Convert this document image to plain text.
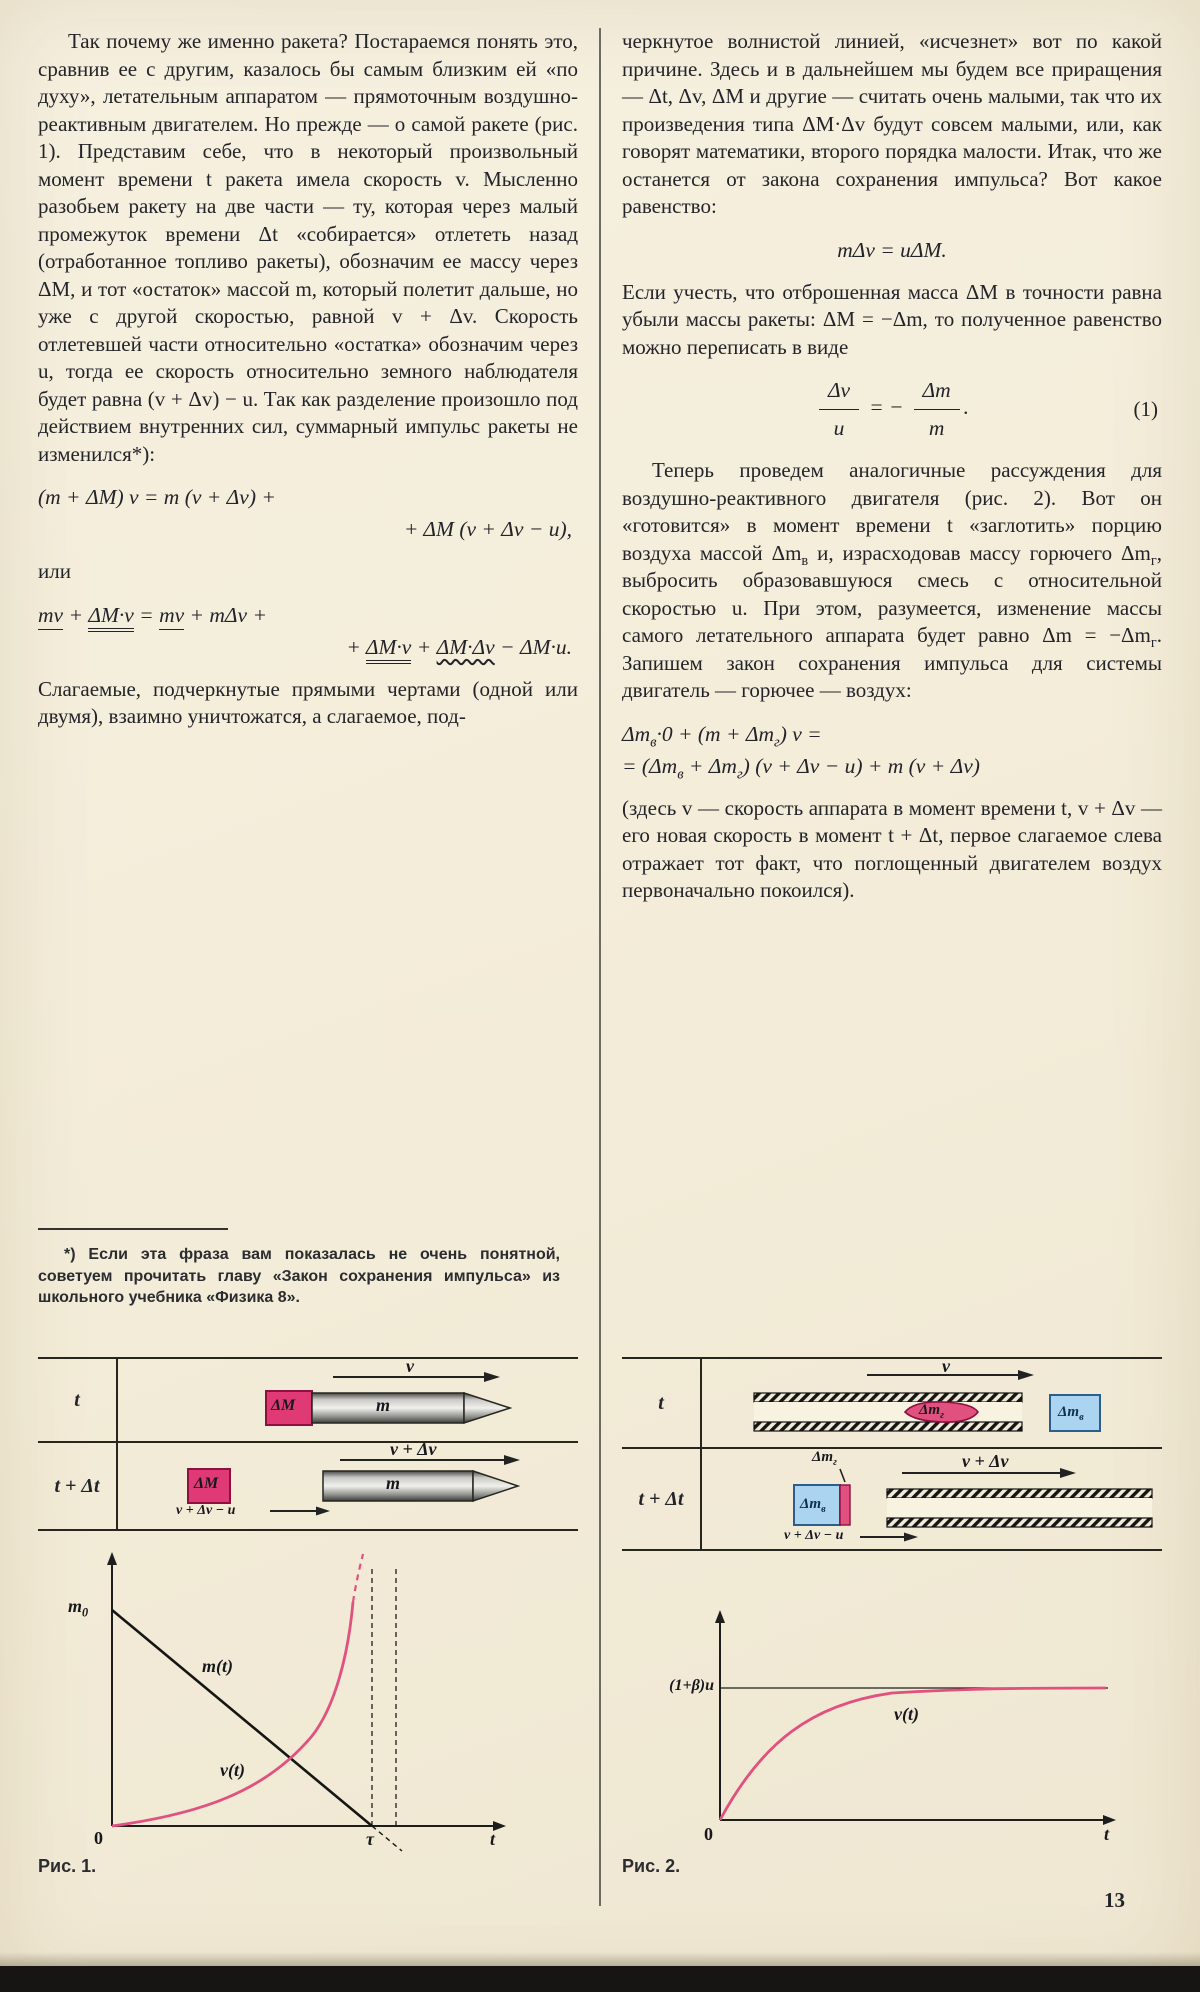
Так почему же именно ракета? Постараемся понять это, сравнив ее с другим, казалось бы самым близким ей «по духу», летательным аппаратом — прямоточным воздушно-реактивным двигателем. Но прежде — о самой ракете (рис. 1). Представим себе, что в некоторый произвольный момент времени t ракета имела скорость v. Мысленно разобьем ракету на две части — ту, которая через малый промежуток времени Δt «собирается» отлететь назад (отработанное топливо ракеты), обозначим ее массу через ΔM, и тот «остаток» массой m, который полетит дальше, но уже с другой скоростью, равной v + Δv. Скорость отлетевшей части относительно «остатка» обозначим через u, тогда ее скорость относительно земного наблюдателя будет равна (v + Δv) − u. Так как разделение произошло под действием внутренних сил, суммарный импульс ракеты не изменился*):

(m + ΔM) v = m (v + Δv) +
+ ΔM (v + Δv − u),

или

mv + ΔM·v = mv + mΔv +
+ ΔM·v + ΔM·Δv − ΔM·u.

Слагаемые, подчеркнутые прямыми чертами (одной или двумя), взаимно уничтожатся, а слагаемое, под-

черкнутое волнистой линией, «исчезнет» вот по какой причине. Здесь и в дальнейшем мы будем все приращения — Δt, Δv, ΔM и другие — считать очень малыми, так что их произведения типа ΔM·Δv будут совсем малыми, или, как говорят математики, второго порядка малости. Итак, что же останется от закона сохранения импульса? Вот какое равенство:

mΔv = uΔM.

Если учесть, что отброшенная масса ΔM в точности равна убыли массы ракеты: ΔM = −Δm, то полученное равенство можно переписать в виде

$\frac{\Delta v}{u}$ = − $\frac{\Delta m}{m}$ .	(1)

Теперь проведем аналогичные рассуждения для воздушно-реактивного двигателя (рис. 2). Вот он «готовится» в момент времени t «заглотить» порцию воздуха массой $\Delta m_в$ и, израсходовав массу горючего $\Delta m_г$, выбросить образовавшуюся смесь с относительной скоростью u. При этом, разумеется, изменение массы самого летательного аппарата будет равно $\Delta m = -\Delta m_г$. Запишем закон сохранения импульса для системы двигатель — горючее — воздух:

$\Delta m_в\cdot 0 + (m + \Delta m_г) v$ =
= $(\Delta m_в + \Delta m_г) (v + \Delta v - u) + m$ (v + Δv)

(здесь v — скорость аппарата в момент времени t, v + Δv — его новая скорость в момент t + Δt, первое слагаемое слева отражает тот факт, что поглощенный двигателем воздух первоначально покоился).

*) Если эта фраза вам показалась не очень понятной, советуем прочитать главу «Закон сохранения импульса» из школьного учебника «Физика 8».
t
v
ΔM	m
t + Δt
v + Δv
ΔM
v + Δv − u
m
$m_0$
m(t)
v(t)
0	τ	t
Рис. 1.
t
v
$\Delta m_г$	$\Delta m_в$
t + Δt
$\Delta m_г$	v + Δv
$\Delta m_в$
v + Δv − u
(1+β)u
v(t)
0	t
Рис. 2.
13
